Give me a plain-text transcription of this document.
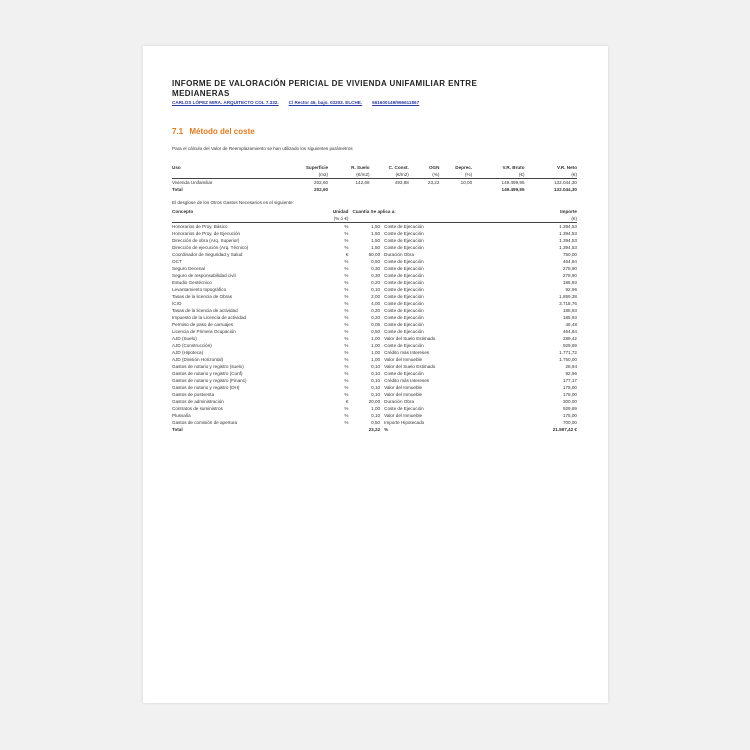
INFORME DE VALORACIÓN PERICIAL DE VIVIENDA UNIFAMILIAR ENTRE MEDIANERAS
CARLOS LÓPEZ MIRA. ARQUITECTO COL 7.332. C/ Rector 46, bajo. 03203. ELCHE. 661600149/966611867
7.1 Método del coste
Para el cálculo del Valor de Reemplazamiento se han utilizado los siguientes parámetros
Uso	Superficie	R. Suelo	C. Const.	OGN	Deprec.	V.R. Bruto	V.R. Neto
	(m2)	(€/m2)	(€/m2)	(%)	(%)	(€)	(€)
Vivienda Unifamiliar	202,60	142,68	493,88	23,22	10,00	149.499,95	132.044,30
Total	202,60					149.499,95	132.044,30
El desglose de los Otros Gastos Necesarios es el siguiente:
Concepto	Unidad	Cuantía Se aplica a:		Importe
	(% ó €)			(€)
Honorarios de Proy. Básico	%	1,50	Coste de Ejecución	1.394,53
Honorarios de Proy. de Ejecución	%	1,50	Coste de Ejecución	1.394,53
Dirección de obra (Arq. Superior)	%	1,50	Coste de Ejecución	1.394,53
Dirección de ejecución (Arq. Técnico)	%	1,50	Coste de Ejecución	1.394,53
Coordinador de Seguridad y Salud	€	50,00	Duración Obra	750,00
OCT	%	0,50	Coste de Ejecución	464,84
Seguro Decenal	%	0,30	Coste de Ejecución	278,90
Seguro de responsabilidad civil	%	0,30	Coste de Ejecución	278,90
Estudio Geotécnico	%	0,20	Coste de Ejecución	185,93
Levantamiento topográfico	%	0,10	Coste de Ejecución	92,96
Tasas de la licencia de Obras	%	2,00	Coste de Ejecución	1.859,38
ICIO	%	4,00	Coste de Ejecución	3.718,76
Tasas de la licencia de actividad	%	0,20	Coste de Ejecución	185,93
Impuesto de la Licencia de actividad	%	0,20	Coste de Ejecución	185,93
Permiso de paso de carruajes	%	0,05	Coste de Ejecución	46,48
Licencia de Primera Ocupación	%	0,50	Coste de Ejecución	464,84
AJD (Suelo)	%	1,00	Valor del Suelo Estimado	289,42
AJD (Construcción)	%	1,00	Coste de Ejecución	929,69
AJD (Hipoteca)	%	1,00	Crédito más Intereses	1.771,72
AJD (División Horizontal)	%	1,00	Valor del Inmueble	1.750,00
Gastos de notario y registro (suelo)	%	0,10	Valor del Suelo Estimado	28,94
Gastos de notario y registro (Conf)	%	0,10	Coste de Ejecución	92,96
Gastos de notario y registro (Financ)	%	0,10	Crédito más Intereses	177,17
Gastos de notario y registro (DH)	%	0,10	Valor del Inmueble	175,00
Gastos de postventa	%	0,10	Valor del Inmueble	175,00
Gastos de administración	€	20,00	Duración Obra	300,00
Contratos de suministros	%	1,00	Coste de Ejecución	929,69
Plusvalía	%	0,10	Valor del Inmueble	175,00
Gastos de comisión de apertura	%	0,50	Importe Hipotecado	700,00
Total		23,22	%	21.597,42 €
